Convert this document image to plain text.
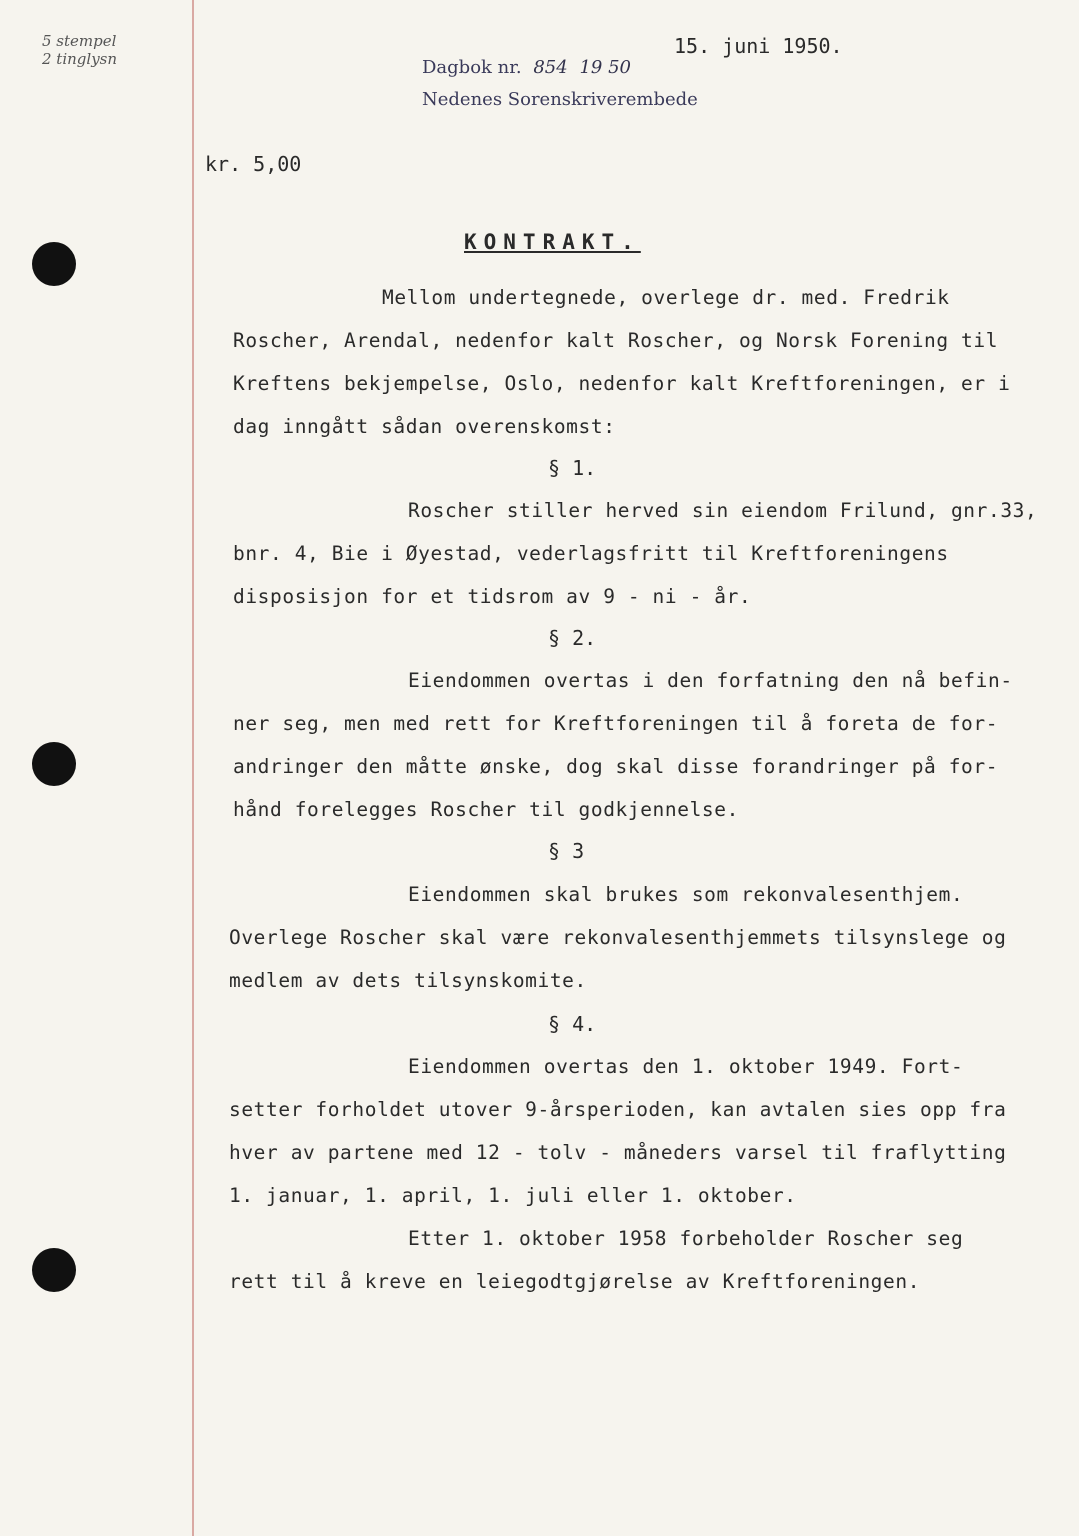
5 stempel
2 tinglysn	Dagbok nr. 854 19 50
Nedenes Sorenskriverembede
15. juni 1950.
kr. 5,00
KONTRAKT.
Mellom undertegnede, overlege dr. med. Fredrik
Roscher, Arendal, nedenfor kalt Roscher, og Norsk Forening til
Kreftens bekjempelse, Oslo, nedenfor kalt Kreftforeningen, er i
dag inngått sådan overenskomst:
§ 1.
Roscher stiller herved sin eiendom Frilund, gnr.33,
bnr. 4, Bie i Øyestad, vederlagsfritt til Kreftforeningens
disposisjon for et tidsrom av 9 - ni - år.
§ 2.
Eiendommen overtas i den forfatning den nå befin-
ner seg, men med rett for Kreftforeningen til å foreta de for-
andringer den måtte ønske, dog skal disse forandringer på for-
hånd forelegges Roscher til godkjennelse.
§ 3
Eiendommen skal brukes som rekonvalesenthjem.
Overlege Roscher skal være rekonvalesenthjemmets tilsynslege og
medlem av dets tilsynskomite.
§ 4.
Eiendommen overtas den 1. oktober 1949. Fort-
setter forholdet utover 9-årsperioden, kan avtalen sies opp fra
hver av partene med 12 - tolv - måneders varsel til fraflytting
1. januar, 1. april, 1. juli eller 1. oktober.
Etter 1. oktober 1958 forbeholder Roscher seg
rett til å kreve en leiegodtgjørelse av Kreftforeningen.
